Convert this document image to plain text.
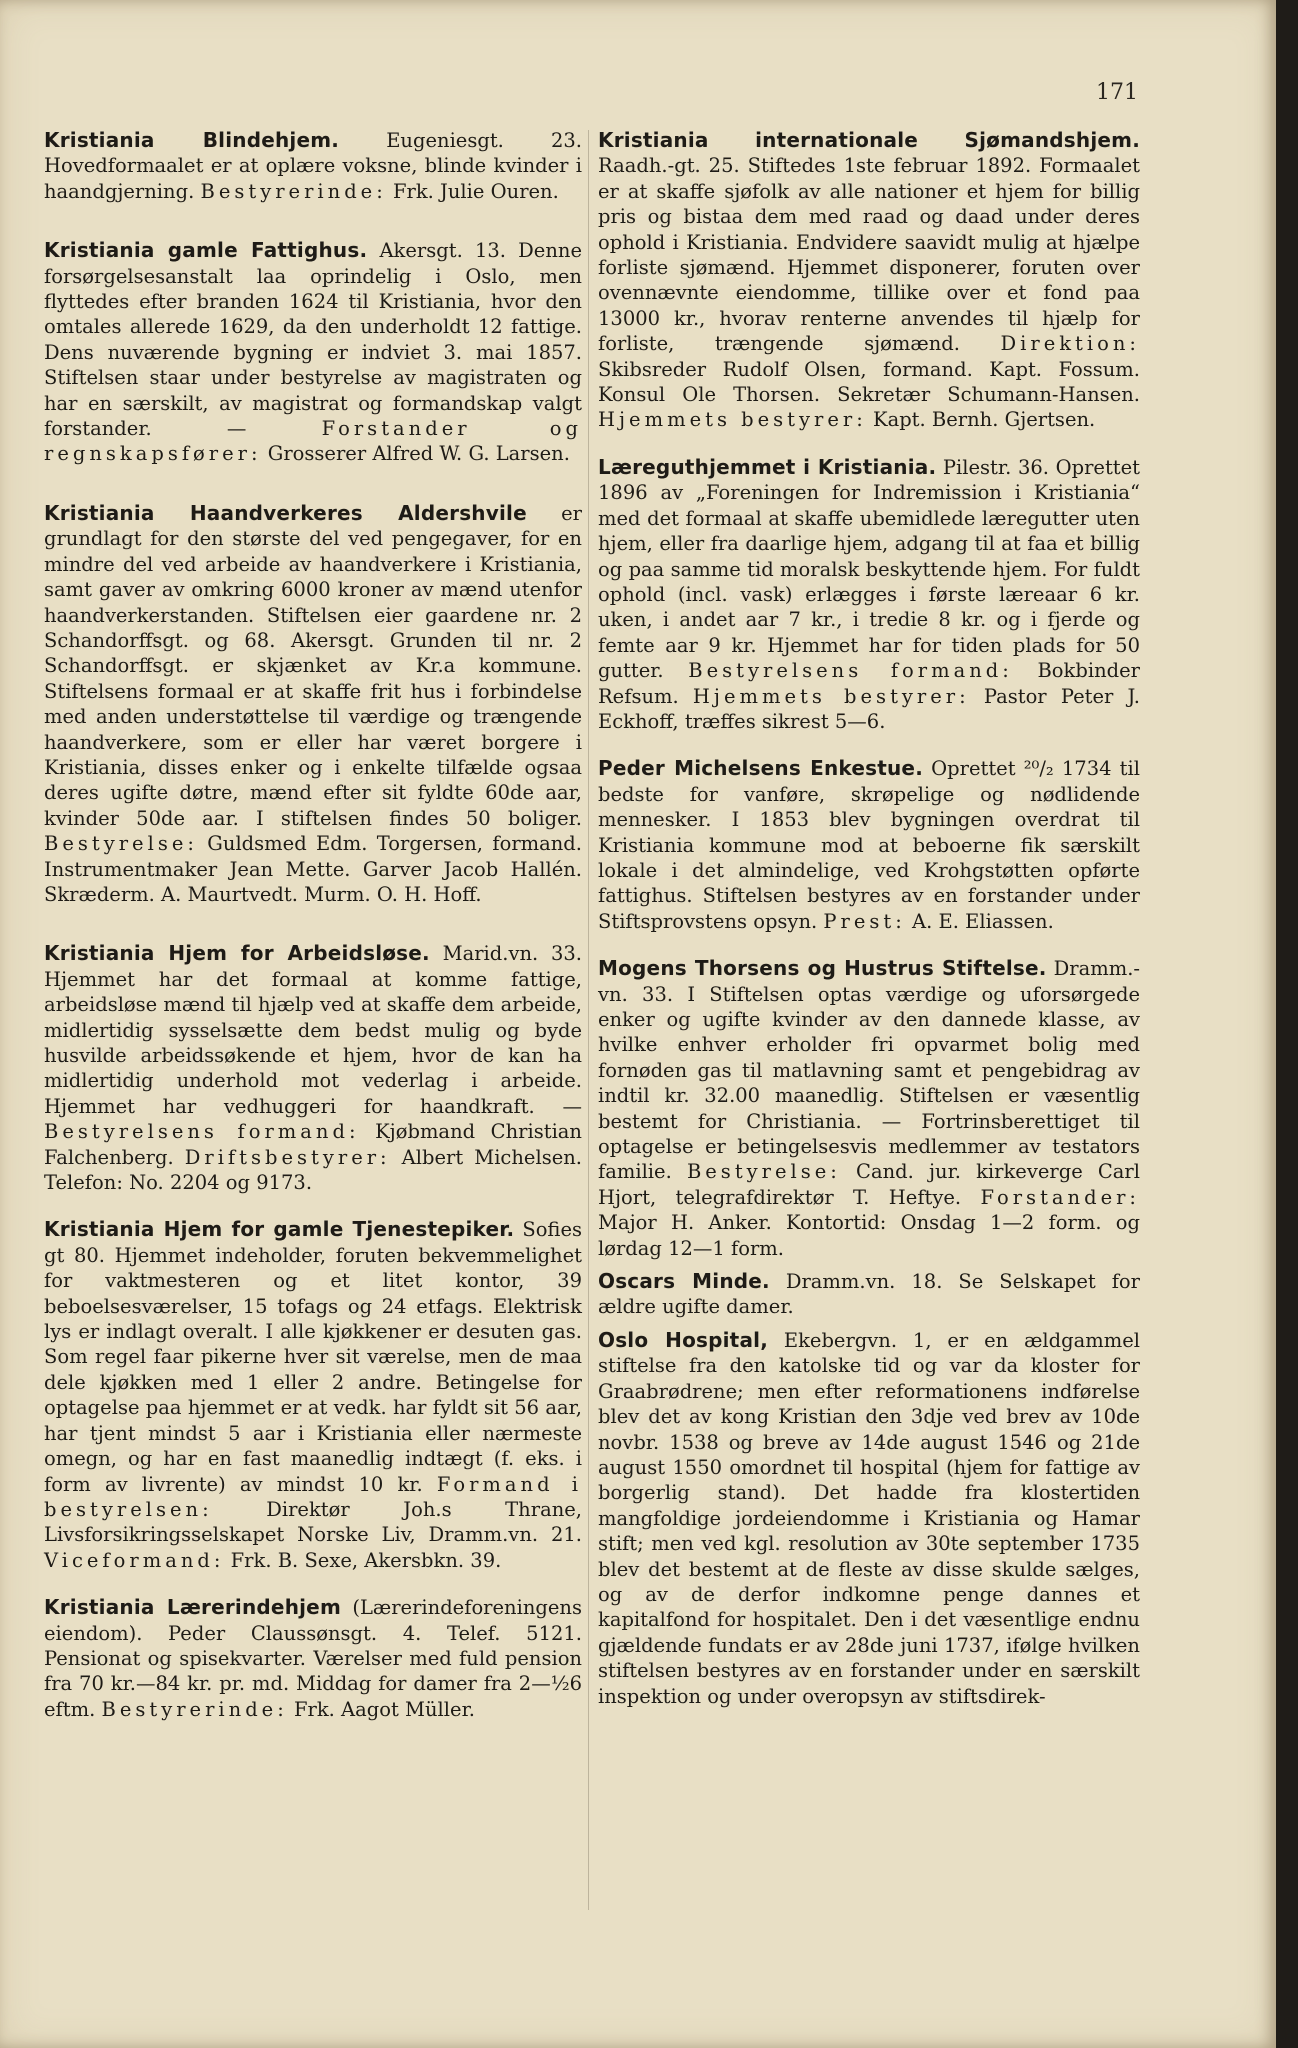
171

Kristiania Blindehjem. Eugeniesgt. 23. Hovedformaalet er at oplære voksne, blinde kvinder i haandgjerning. Bestyrerinde: Frk. Julie Ouren.

Kristiania gamle Fattighus. Akersgt. 13. Denne forsørgelsesanstalt laa oprindelig i Oslo, men flyttedes efter branden 1624 til Kristiania, hvor den omtales allerede 1629, da den underholdt 12 fattige. Dens nuværende bygning er indviet 3. mai 1857. Stiftelsen staar under bestyrelse av magistraten og har en særskilt, av magistrat og formandskap valgt forstander. — Forstander og regnskapsfører: Grosserer Alfred W. G. Larsen.

Kristiania Haandverkeres Aldershvile er grundlagt for den største del ved pengegaver, for en mindre del ved arbeide av haandverkere i Kristiania, samt gaver av omkring 6000 kroner av mænd utenfor haandverkerstanden. Stiftelsen eier gaardene nr. 2 Schandorffsgt. og 68. Akersgt. Grunden til nr. 2 Schandorffsgt. er skjænket av Kr.a kommune. Stiftelsens formaal er at skaffe frit hus i forbindelse med anden understøttelse til værdige og trængende haandverkere, som er eller har været borgere i Kristiania, disses enker og i enkelte tilfælde ogsaa deres ugifte døtre, mænd efter sit fyldte 60de aar, kvinder 50de aar. I stiftelsen findes 50 boliger. Bestyrelse: Guldsmed Edm. Torgersen, formand. Instrumentmaker Jean Mette. Garver Jacob Hallén. Skræderm. A. Maurtvedt. Murm. O. H. Hoff.

Kristiania Hjem for Arbeidsløse. Marid.vn. 33. Hjemmet har det formaal at komme fattige, arbeidsløse mænd til hjælp ved at skaffe dem arbeide, midlertidig sysselsætte dem bedst mulig og byde husvilde arbeidssøkende et hjem, hvor de kan ha midlertidig underhold mot vederlag i arbeide. Hjemmet har vedhuggeri for haandkraft. — Bestyrelsens formand: Kjøbmand Christian Falchenberg. Driftsbestyrer: Albert Michelsen. Telefon: No. 2204 og 9173.

Kristiania Hjem for gamle Tjenestepiker. Sofies gt 80. Hjemmet indeholder, foruten bekvemmelighet for vaktmesteren og et litet kontor, 39 beboelsesværelser, 15 tofags og 24 etfags. Elektrisk lys er indlagt overalt. I alle kjøkkener er desuten gas. Som regel faar pikerne hver sit værelse, men de maa dele kjøkken med 1 eller 2 andre. Betingelse for optagelse paa hjemmet er at vedk. har fyldt sit 56 aar, har tjent mindst 5 aar i Kristiania eller nærmeste omegn, og har en fast maanedlig indtægt (f. eks. i form av livrente) av mindst 10 kr. Formand i bestyrelsen: Direktør Joh.s Thrane, Livsforsikringsselskapet Norske Liv, Dramm.vn. 21. Viceformand: Frk. B. Sexe, Akersbkn. 39.

Kristiania Lærerindehjem (Lærerindeforeningens eiendom). Peder Claussønsgt. 4. Telef. 5121. Pensionat og spisekvarter. Værelser med fuld pension fra 70 kr.—84 kr. pr. md. Middag for damer fra 2—½6 eftm. Bestyrerinde: Frk. Aagot Müller.

Kristiania internationale Sjømandshjem. Raadh.-gt. 25. Stiftedes 1ste februar 1892. Formaalet er at skaffe sjøfolk av alle nationer et hjem for billig pris og bistaa dem med raad og daad under deres ophold i Kristiania. Endvidere saavidt mulig at hjælpe forliste sjømænd. Hjemmet disponerer, foruten over ovennævnte eiendomme, tillike over et fond paa 13000 kr., hvorav renterne anvendes til hjælp for forliste, trængende sjømænd. Direktion: Skibsreder Rudolf Olsen, formand. Kapt. Fossum. Konsul Ole Thorsen. Sekretær Schumann-Hansen. Hjemmets bestyrer: Kapt. Bernh. Gjertsen.

Læreguthjemmet i Kristiania. Pilestr. 36. Oprettet 1896 av „Foreningen for Indremission i Kristiania“ med det formaal at skaffe ubemidlede læregutter uten hjem, eller fra daarlige hjem, adgang til at faa et billig og paa samme tid moralsk beskyttende hjem. For fuldt ophold (incl. vask) erlægges i første læreaar 6 kr. uken, i andet aar 7 kr., i tredie 8 kr. og i fjerde og femte aar 9 kr. Hjemmet har for tiden plads for 50 gutter. Bestyrelsens formand: Bokbinder Refsum. Hjemmets bestyrer: Pastor Peter J. Eckhoff, træffes sikrest 5—6.

Peder Michelsens Enkestue. Oprettet ²⁰/₂ 1734 til bedste for vanføre, skrøpelige og nødlidende mennesker. I 1853 blev bygningen overdrat til Kristiania kommune mod at beboerne fik særskilt lokale i det almindelige, ved Krohgstøtten opførte fattighus. Stiftelsen bestyres av en forstander under Stiftsprovstens opsyn. Prest: A. E. Eliassen.

Mogens Thorsens og Hustrus Stiftelse. Dramm.-vn. 33. I Stiftelsen optas værdige og uforsørgede enker og ugifte kvinder av den dannede klasse, av hvilke enhver erholder fri opvarmet bolig med fornøden gas til matlavning samt et pengebidrag av indtil kr. 32.00 maanedlig. Stiftelsen er væsentlig bestemt for Christiania. — Fortrinsberettiget til optagelse er betingelsesvis medlemmer av testators familie. Bestyrelse: Cand. jur. kirkeverge Carl Hjort, telegrafdirektør T. Heftye. Forstander: Major H. Anker. Kontortid: Onsdag 1—2 form. og lørdag 12—1 form.

Oscars Minde. Dramm.vn. 18. Se Selskapet for ældre ugifte damer.

Oslo Hospital, Ekebergvn. 1, er en ældgammel stiftelse fra den katolske tid og var da kloster for Graabrødrene; men efter reformationens indførelse blev det av kong Kristian den 3dje ved brev av 10de novbr. 1538 og breve av 14de august 1546 og 21de august 1550 omordnet til hospital (hjem for fattige av borgerlig stand). Det hadde fra klostertiden mangfoldige jordeiendomme i Kristiania og Hamar stift; men ved kgl. resolution av 30te september 1735 blev det bestemt at de fleste av disse skulde sælges, og av de derfor indkomne penge dannes et kapitalfond for hospitalet. Den i det væsentlige endnu gjældende fundats er av 28de juni 1737, ifølge hvilken stiftelsen bestyres av en forstander under en særskilt inspektion og under overopsyn av stiftsdirek-
